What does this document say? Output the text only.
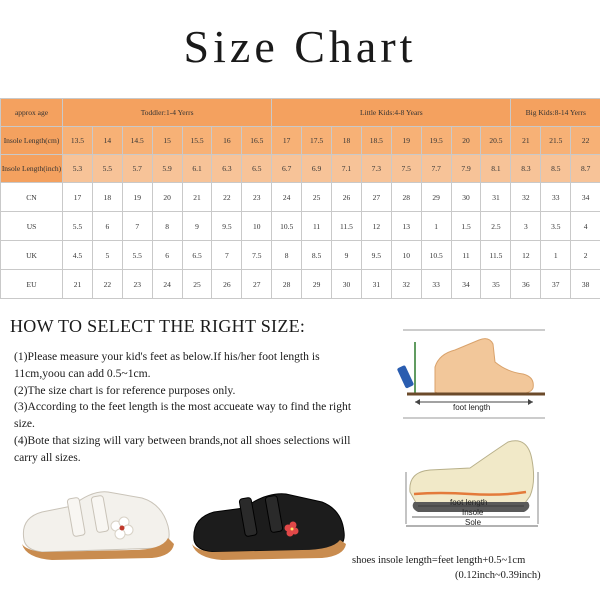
Size Chart
approx age	Toddler:1-4 Yerrs							Little Kids:4-8 Years								Big Kids:8-14 Yerrs		
Insole Length(cm)	13.5	14	14.5	15	15.5	16	16.5	17	17.5	18	18.5	19	19.5	20	20.5	21	21.5	22
Insole Length(inch)	5.3	5.5	5.7	5.9	6.1	6.3	6.5	6.7	6.9	7.1	7.3	7.5	7.7	7.9	8.1	8.3	8.5	8.7
CN	17	18	19	20	21	22	23	24	25	26	27	28	29	30	31	32	33	34
US	5.5	6	7	8	9	9.5	10	10.5	11	11.5	12	13	1	1.5	2.5	3	3.5	4
UK	4.5	5	5.5	6	6.5	7	7.5	8	8.5	9	9.5	10	10.5	11	11.5	12	1	2
EU	21	22	23	24	25	26	27	28	29	30	31	32	33	34	35	36	37	38
HOW TO SELECT THE RIGHT SIZE:

(1)Please measure your kid's feet as below.If his/her foot length is 11cm,yoou can add 0.5~1cm.

(2)The size chart is for reference purposes only.

(3)According to the feet length is the most accueate way to find the right size.

(4)Bote that sizing will vary between brands,not all shoes selections will carry all sizes.

foot length
foot length
Insole
Sole
shoes insole length=feet length+0.5~1cm
(0.12inch~0.39inch)
